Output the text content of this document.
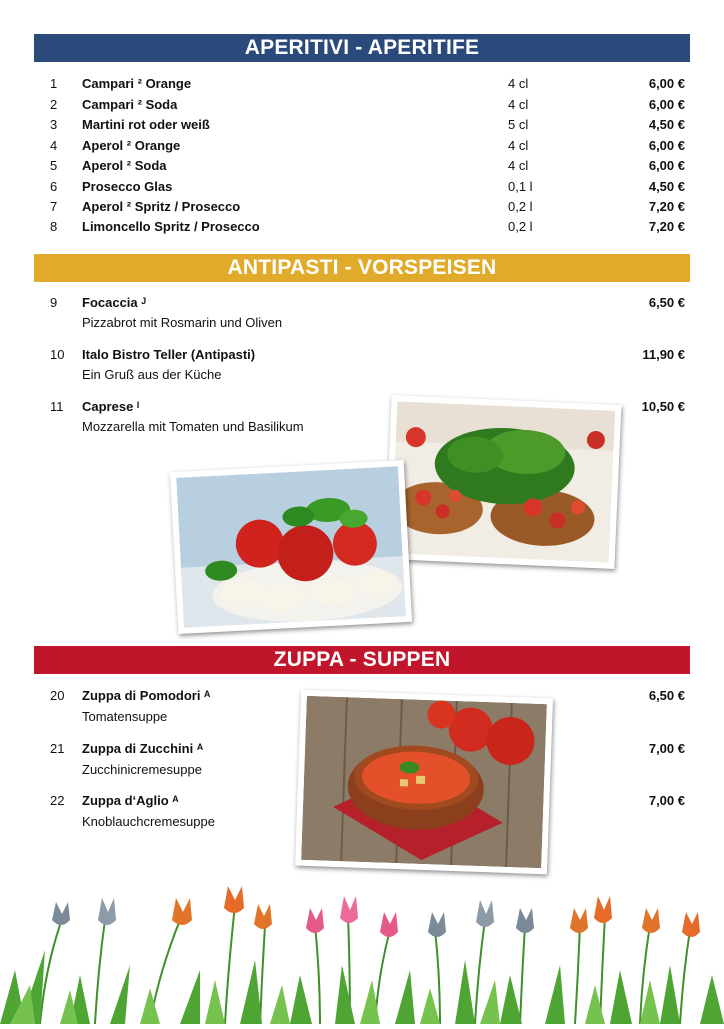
APERITIVI - APERITIFE
1 Campari ² Orange	4 cl	6,00 €
2 Campari ² Soda	4 cl	6,00 €
3 Martini rot oder weiß	5 cl	4,50 €
4 Aperol ² Orange	4 cl	6,00 €
5 Aperol ² Soda	4 cl	6,00 €
6 Prosecco Glas	0,1 l	4,50 €
7 Aperol ² Spritz / Prosecco	0,2 l	7,20 €
8 Limoncello Spritz / Prosecco	0,2 l	7,20 €
ANTIPASTI - VORSPEISEN
9 Focaccia ᴶ	6,50 €
Pizzabrot mit Rosmarin und Oliven
10 Italo Bistro Teller (Antipasti)	11,90 €
Ein Gruß aus der Küche
11 Caprese ᴵ	10,50 €
Mozzarella mit Tomaten und Basilikum
ZUPPA - SUPPEN
20 Zuppa di Pomodori ᴬ	6,50 €
Tomatensuppe
21 Zuppa di Zucchini ᴬ	7,00 €
Zucchinicremesuppe
22 Zuppa d‘Aglio ᴬ	7,00 €
Knoblauchcremesuppe
